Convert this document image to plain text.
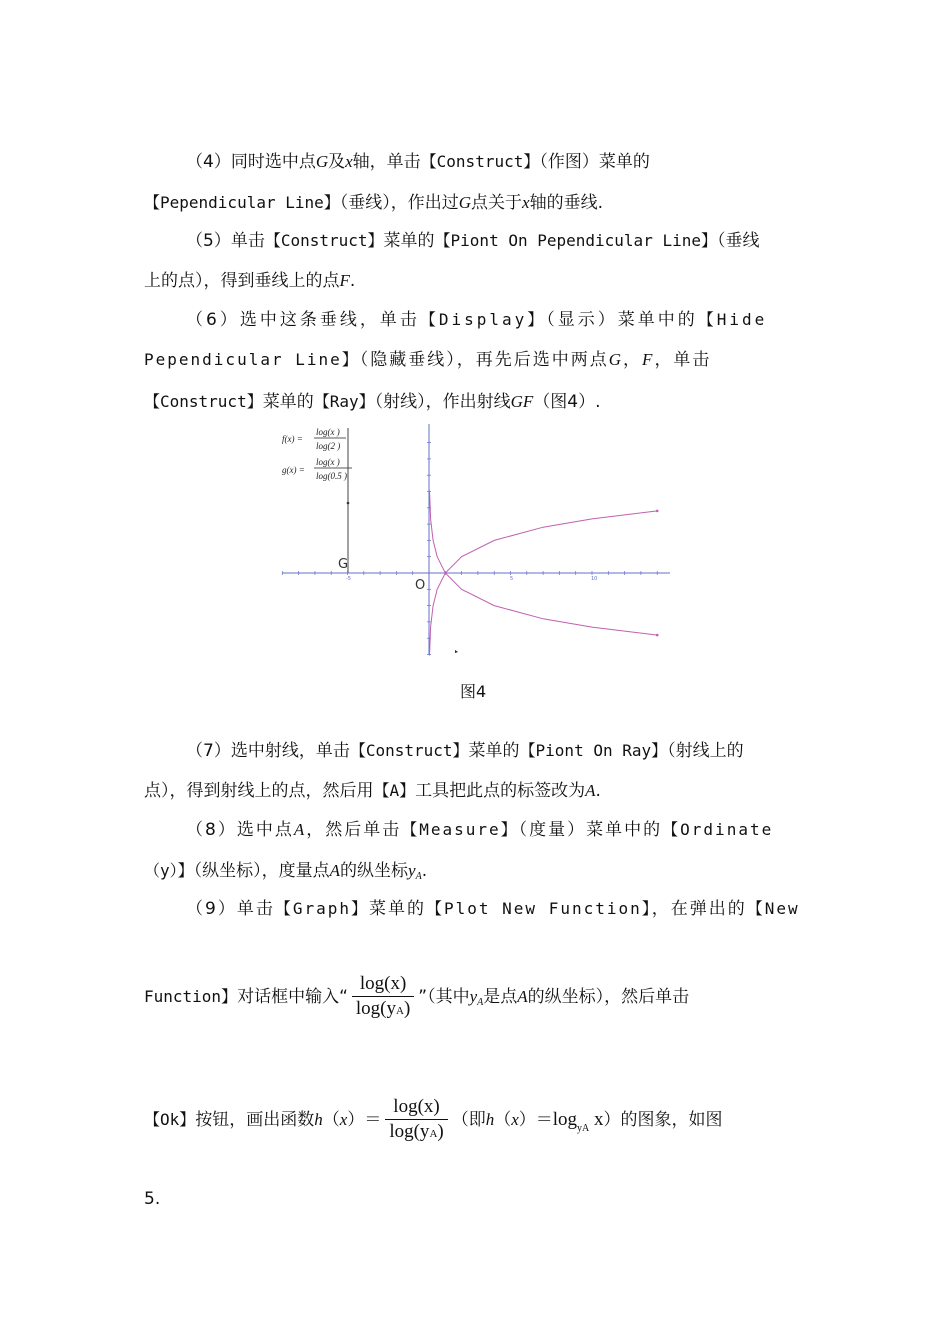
（4）同时选中点G及x轴，单击【Construct】（作图）菜单的
【Pependicular Line】（垂线），作出过G点关于x轴的垂线.
（5）单击【Construct】菜单的【Piont On Pependicular Line】（垂线
上的点），得到垂线上的点F.
（6）选中这条垂线，单击【Display】（显示）菜单中的【Hide
Pependicular Line】（隐藏垂线），再先后选中两点G，F，单击
【Construct】菜单的【Ray】（射线），作出射线GF（图4）.
f(x) =
log(x )
log(2 )
g(x) =
log(x )
log(0.5 )
-5	5	10
G
O
图4
（7）选中射线，单击【Construct】菜单的【Piont On Ray】（射线上的
点），得到射线上的点，然后用【A】工具把此点的标签改为A.
（8）选中点A，然后单击【Measure】（度量）菜单中的【Ordinate
（y）】（纵坐标），度量点A的纵坐标$y_A$.
（9）单击【Graph】菜单的【Plot New Function】，在弹出的【New
Function】对话框中输入“ $\frac{\log(x)}{\log(yA)}$ ”（其中$y_A$是点A的纵坐标），然后单击
【Ok】按钮，画出函数$h(x)= \frac{\log(x)}{\log(yA)}$ （即$h(x)=\log_{yA}$ x）的图象，如图
5.
